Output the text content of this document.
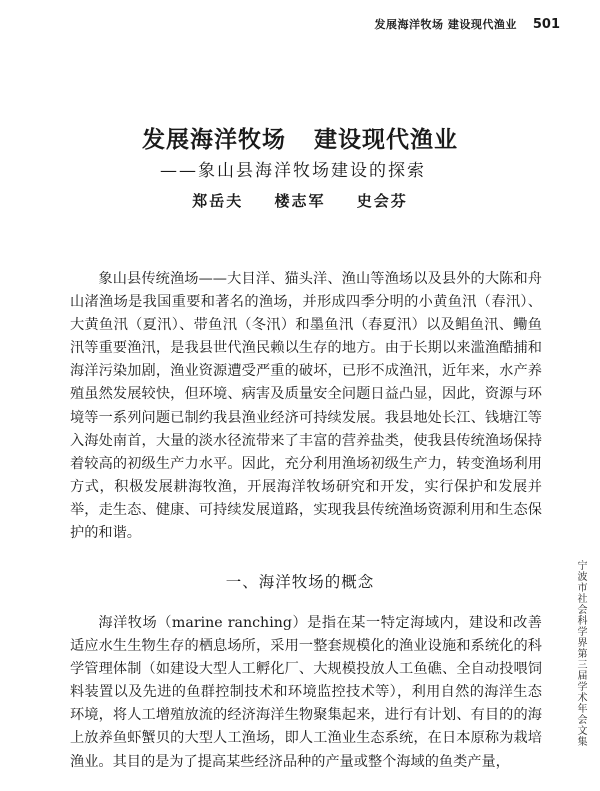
发展海洋牧场 建设现代渔业 501
发展海洋牧场 建设现代渔业
——象山县海洋牧场建设的探索
郑岳夫 楼志军 史会芬

象山县传统渔场——大目洋、猫头洋、渔山等渔场以及县外的大陈和舟山渚渔场是我国重要和著名的渔场，并形成四季分明的小黄鱼汛（春汛）、大黄鱼汛（夏汛）、带鱼汛（冬汛）和墨鱼汛（春夏汛）以及鲳鱼汛、鳓鱼汛等重要渔汛，是我县世代渔民赖以生存的地方。由于长期以来滥渔酷捕和海洋污染加剧，渔业资源遭受严重的破坏，已形不成渔汛，近年来，水产养殖虽然发展较快，但环境、病害及质量安全问题日益凸显，因此，资源与环境等一系列问题已制约我县渔业经济可持续发展。我县地处长江、钱塘江等入海处南首，大量的淡水径流带来了丰富的营养盐类，使我县传统渔场保持着较高的初级生产力水平。因此，充分利用渔场初级生产力，转变渔场利用方式，积极发展耕海牧渔，开展海洋牧场研究和开发，实行保护和发展并举，走生态、健康、可持续发展道路，实现我县传统渔场资源利用和生态保护的和谐。

一、海洋牧场的概念

海洋牧场（marine ranching）是指在某一特定海域内，建设和改善适应水生生物生存的栖息场所，采用一整套规模化的渔业设施和系统化的科学管理体制（如建设大型人工孵化厂、大规模投放人工鱼礁、全自动投喂饲料装置以及先进的鱼群控制技术和环境监控技术等），利用自然的海洋生态环境，将人工增殖放流的经济海洋生物聚集起来，进行有计划、有目的的海上放养鱼虾蟹贝的大型人工渔场，即人工渔业生态系统，在日本原称为栽培渔业。其目的是为了提高某些经济品种的产量或整个海域的鱼类产量，

宁波市社会科学界第三届学术年会文集
